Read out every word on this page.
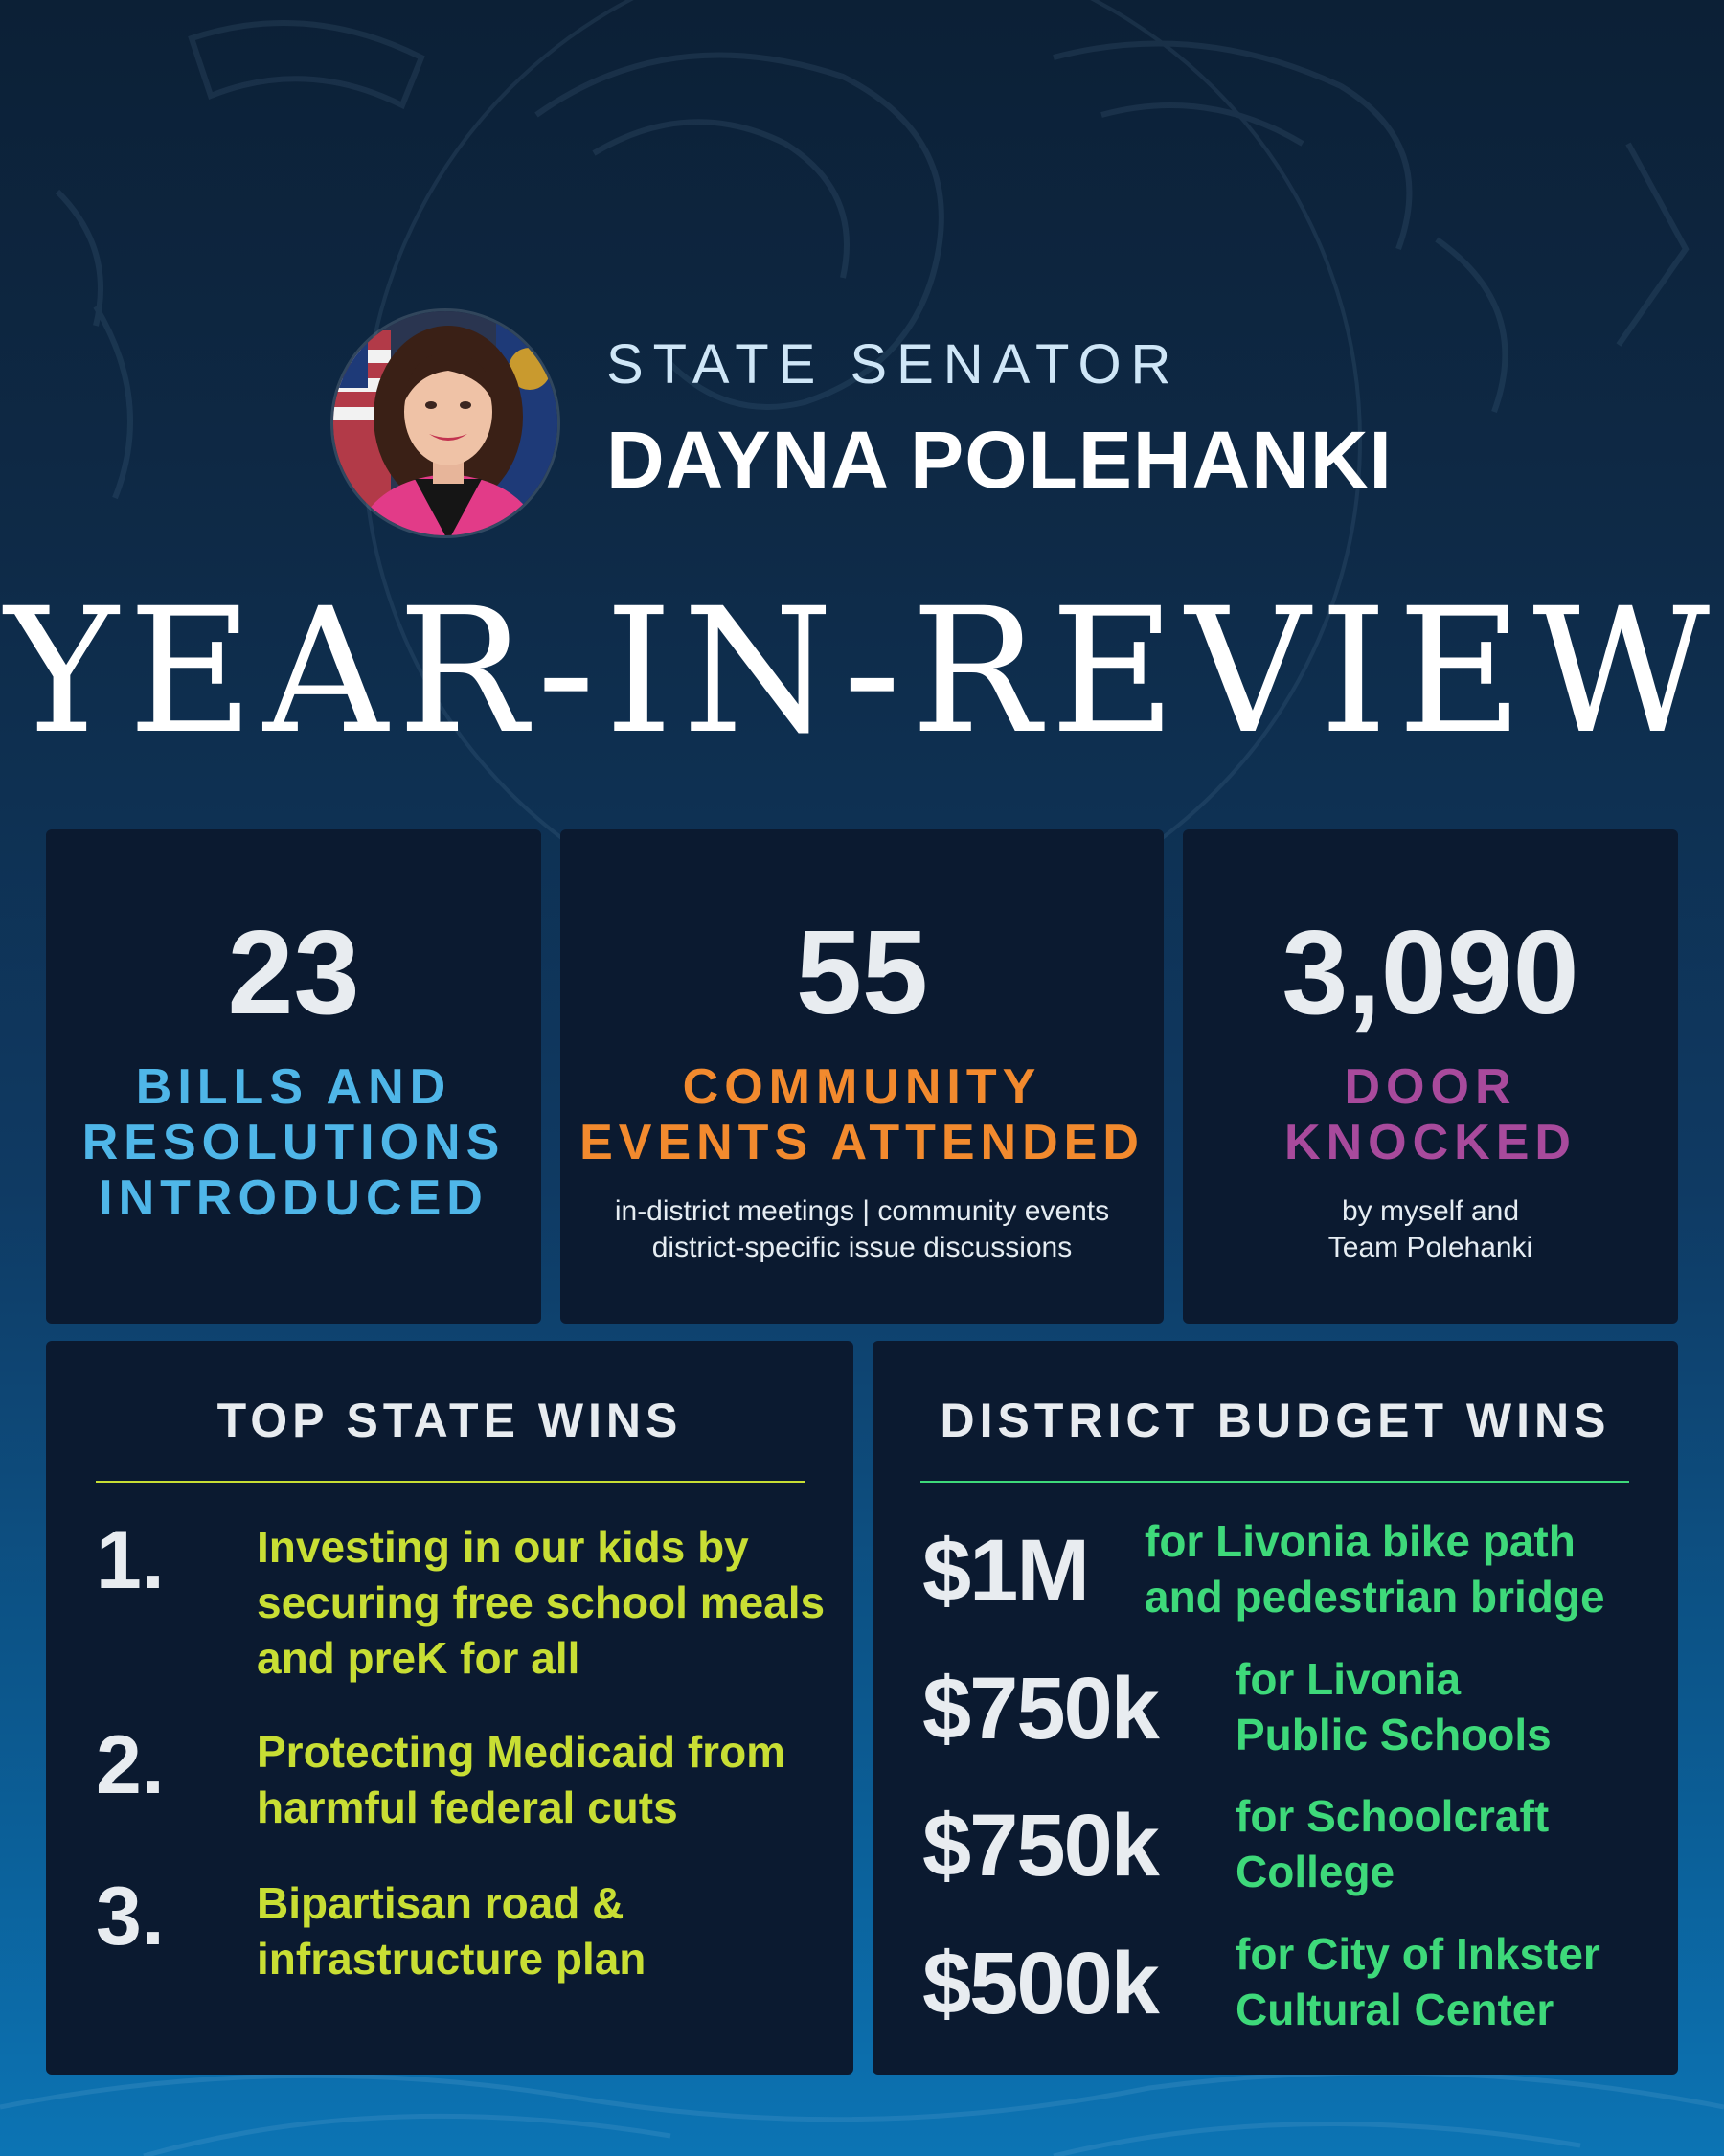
STATE SENATOR
DAYNA POLEHANKI
YEAR-IN-REVIEW
23
BILLS AND
RESOLUTIONS
INTRODUCED
55
COMMUNITY
EVENTS ATTENDED
in-district meetings | community events
district-specific issue discussions
3,090
DOOR
KNOCKED
by myself and
Team Polehanki
TOP STATE WINS
1. Investing in our kids by
securing free school meals
and preK for all
2. Protecting Medicaid from
harmful federal cuts
3. Bipartisan road &
infrastructure plan
DISTRICT BUDGET WINS
$1M for Livonia bike path
and pedestrian bridge
$750k for Livonia
Public Schools
$750k for Schoolcraft
College
$500k for City of Inkster
Cultural Center
